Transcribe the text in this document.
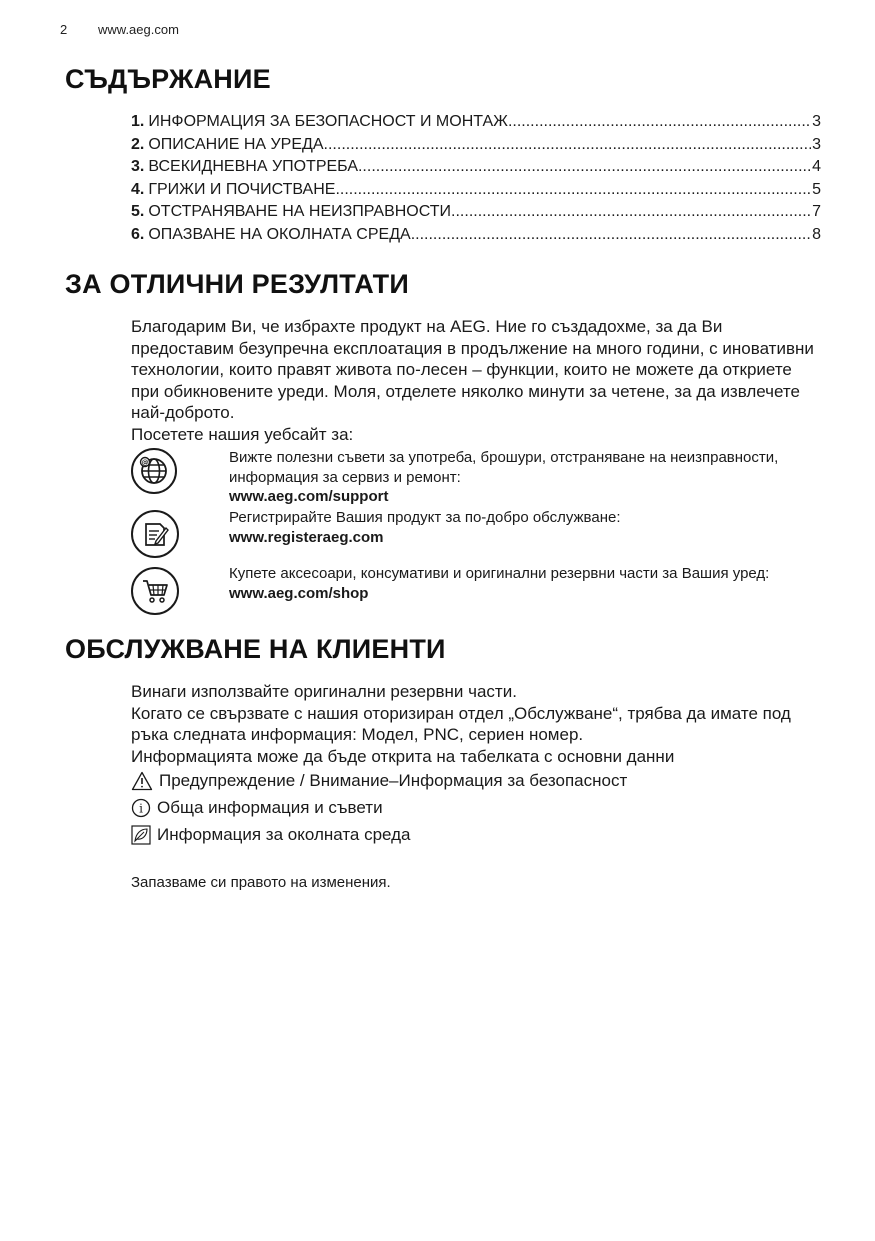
2 www.aeg.com
СЪДЪРЖАНИЕ
1. ИНФОРМАЦИЯ ЗА БЕЗОПАСНОСТ И МОНТАЖ .....	3
2. ОПИСАНИЕ НА УРЕДА .....	3
3. ВСЕКИДНЕВНА УПОТРЕБА .....	4
4. ГРИЖИ И ПОЧИСТВАНЕ .....	5
5. ОТСТРАНЯВАНЕ НА НЕИЗПРАВНОСТИ .....	7
6. ОПАЗВАНЕ НА ОКОЛНАТА СРЕДА .....	8
ЗА ОТЛИЧНИ РЕЗУЛТАТИ

Благодарим Ви, че избрахте продукт на AEG. Ние го създадохме, за да Ви предоставим безупречна експлоатация в продължение на много години, с иновативни технологии, които правят живота по-лесен – функции, които не можете да откриете при обикновените уреди. Моля, отделете няколко минути за четене, за да извлечете най-доброто.

Посетете нашия уебсайт за:

@	Вижте полезни съвети за употреба, брошури, отстраняване на неизправности, информация за сервиз и ремонт:
www.aeg.com/support
Регистрирайте Вашия продукт за по-добро обслужване:
www.registeraeg.com
Купете аксесоари, консумативи и оригинални резервни части за Вашия уред:
www.aeg.com/shop
ОБСЛУЖВАНЕ НА КЛИЕНТИ

Винаги използвайте оригинални резервни части.

Когато се свързвате с нашия оторизиран отдел „Обслужване“, трябва да имате под ръка следната информация: Модел, PNC, сериен номер.

Информацията може да бъде открита на табелката с основни данни

Предупреждение / Внимание–Информация за безопасност
i Обща информация и съвети
Информация за околната среда
Запазваме си правото на изменения.
